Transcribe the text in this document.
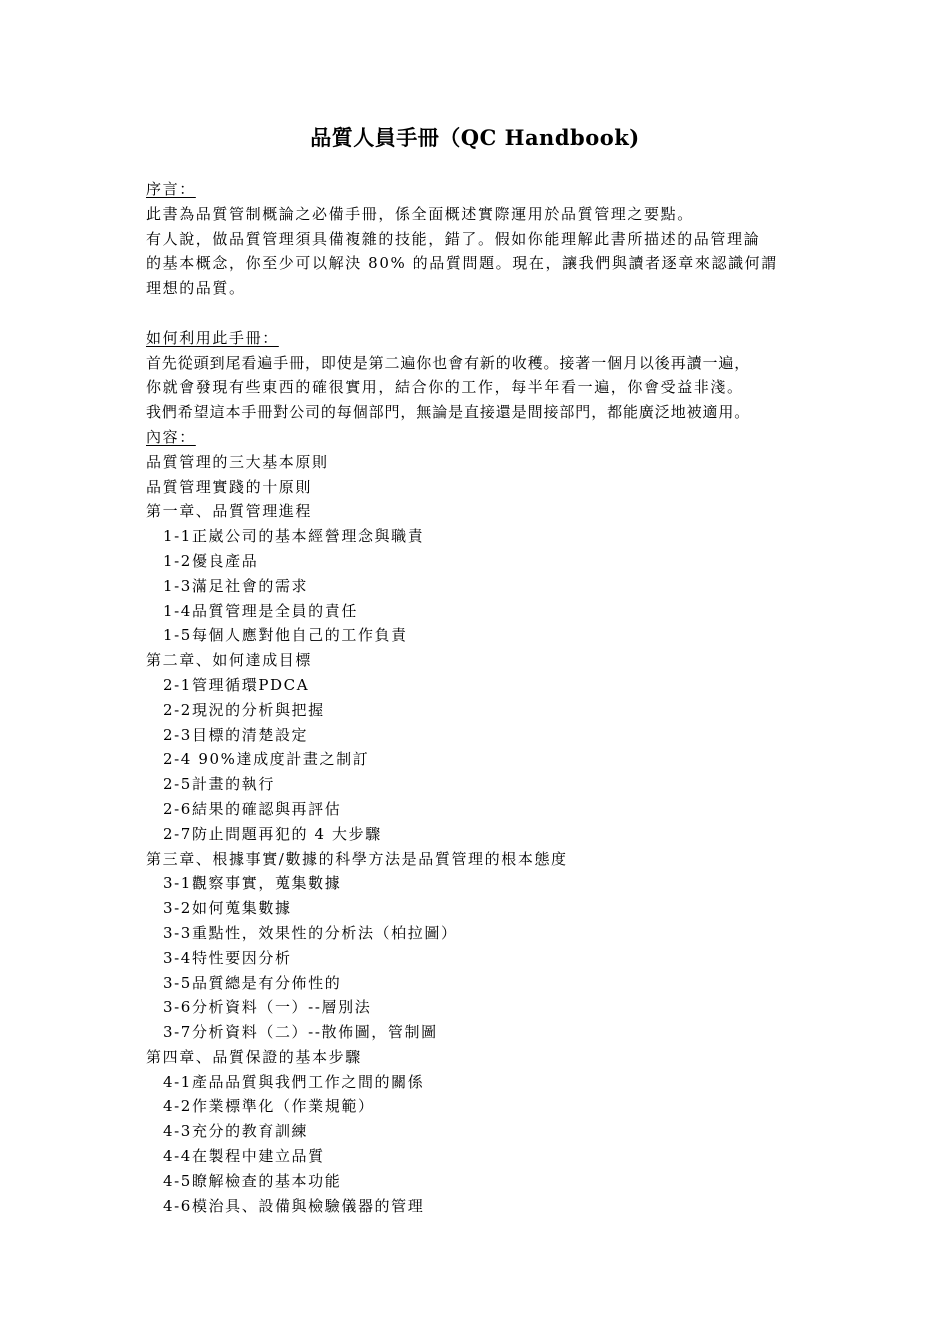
品質人員手冊（QC Handbook)
序言：
此書為品質管制概論之必備手冊，係全面概述實際運用於品質管理之要點。
有人說，做品質管理須具備複雜的技能，錯了。假如你能理解此書所描述的品管理論
的基本概念，你至少可以解決 80% 的品質問題。現在，讓我們與讀者逐章來認識何謂
理想的品質。
如何利用此手冊：
首先從頭到尾看遍手冊，即使是第二遍你也會有新的收穫。接著一個月以後再讀一遍，
你就會發現有些東西的確很實用，結合你的工作，每半年看一遍，你會受益非淺。
我們希望這本手冊對公司的每個部門，無論是直接還是間接部門，都能廣泛地被適用。
內容：
品質管理的三大基本原則
品質管理實踐的十原則
第一章、品質管理進程
1-1正崴公司的基本經營理念與職責
1-2優良產品
1-3滿足社會的需求
1-4品質管理是全員的責任
1-5每個人應對他自己的工作負責
第二章、如何達成目標
2-1管理循環PDCA
2-2現況的分析與把握
2-3目標的清楚設定
2-4 90%達成度計畫之制訂
2-5計畫的執行
2-6結果的確認與再評估
2-7防止問題再犯的 4 大步驟
第三章、根據事實/數據的科學方法是品質管理的根本態度
3-1觀察事實，蒐集數據
3-2如何蒐集數據
3-3重點性，效果性的分析法（柏拉圖）
3-4特性要因分析
3-5品質總是有分佈性的
3-6分析資料（一）--層別法
3-7分析資料（二）--散佈圖，管制圖
第四章、品質保證的基本步驟
4-1產品品質與我們工作之間的關係
4-2作業標準化（作業規範）
4-3充分的教育訓練
4-4在製程中建立品質
4-5瞭解檢查的基本功能
4-6模治具、設備與檢驗儀器的管理
